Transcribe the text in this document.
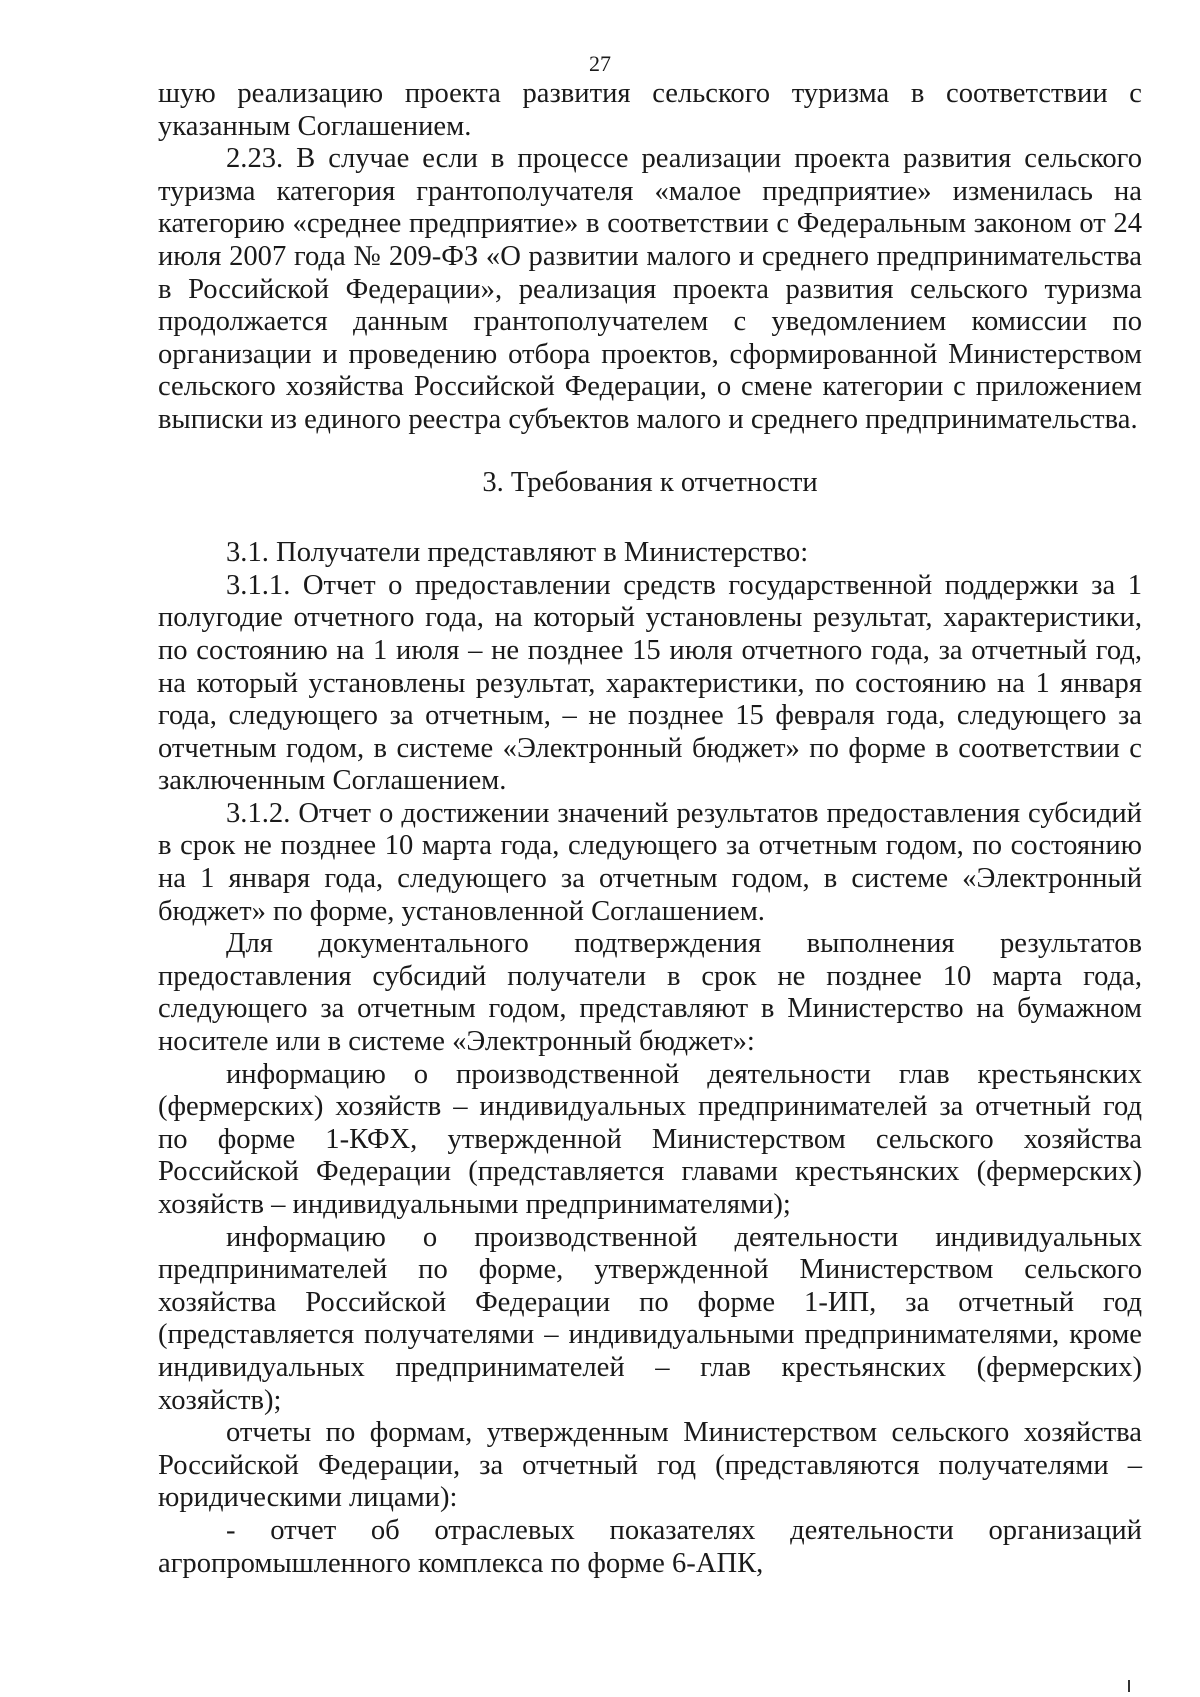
27

шую реализацию проекта развития сельского туризма в соответствии с указанным Соглашением.

2.23. В случае если в процессе реализации проекта развития сельского туризма категория грантополучателя «малое предприятие» изменилась на категорию «среднее предприятие» в соответствии с Федеральным законом от 24 июля 2007 года № 209-ФЗ «О развитии малого и среднего предпринимательства в Российской Федерации», реализация проекта развития сельского туризма продолжается данным грантополучателем с уведомлением комиссии по организации и проведению отбора проектов, сформированной Министерством сельского хозяйства Российской Федерации, о смене категории с приложением выписки из единого реестра субъектов малого и среднего предпринимательства.

3. Требования к отчетности

3.1. Получатели представляют в Министерство:

3.1.1. Отчет о предоставлении средств государственной поддержки за 1 полугодие отчетного года, на который установлены результат, характеристики, по состоянию на 1 июля – не позднее 15 июля отчетного года, за отчетный год, на который установлены результат, характеристики, по состоянию на 1 января года, следующего за отчетным, – не позднее 15 февраля года, следующего за отчетным годом, в системе «Электронный бюджет» по форме в соответствии с заключенным Соглашением.

3.1.2. Отчет о достижении значений результатов предоставления субсидий в срок не позднее 10 марта года, следующего за отчетным годом, по состоянию на 1 января года, следующего за отчетным годом, в системе «Электронный бюджет» по форме, установленной Соглашением.

Для документального подтверждения выполнения результатов предоставления субсидий получатели в срок не позднее 10 марта года, следующего за отчетным годом, представляют в Министерство на бумажном носителе или в системе «Электронный бюджет»:

информацию о производственной деятельности глав крестьянских (фермерских) хозяйств – индивидуальных предпринимателей за отчетный год по форме 1-КФХ, утвержденной Министерством сельского хозяйства Российской Федерации (представляется главами крестьянских (фермерских) хозяйств – индивидуальными предпринимателями);

информацию о производственной деятельности индивидуальных предпринимателей по форме, утвержденной Министерством сельского хозяйства Российской Федерации по форме 1-ИП, за отчетный год (представляется получателями – индивидуальными предпринимателями, кроме индивидуальных предпринимателей – глав крестьянских (фермерских) хозяйств);

отчеты по формам, утвержденным Министерством сельского хозяйства Российской Федерации, за отчетный год (представляются получателями – юридическими лицами):

- отчет об отраслевых показателях деятельности организаций агропромышленного комплекса по форме 6-АПК,
